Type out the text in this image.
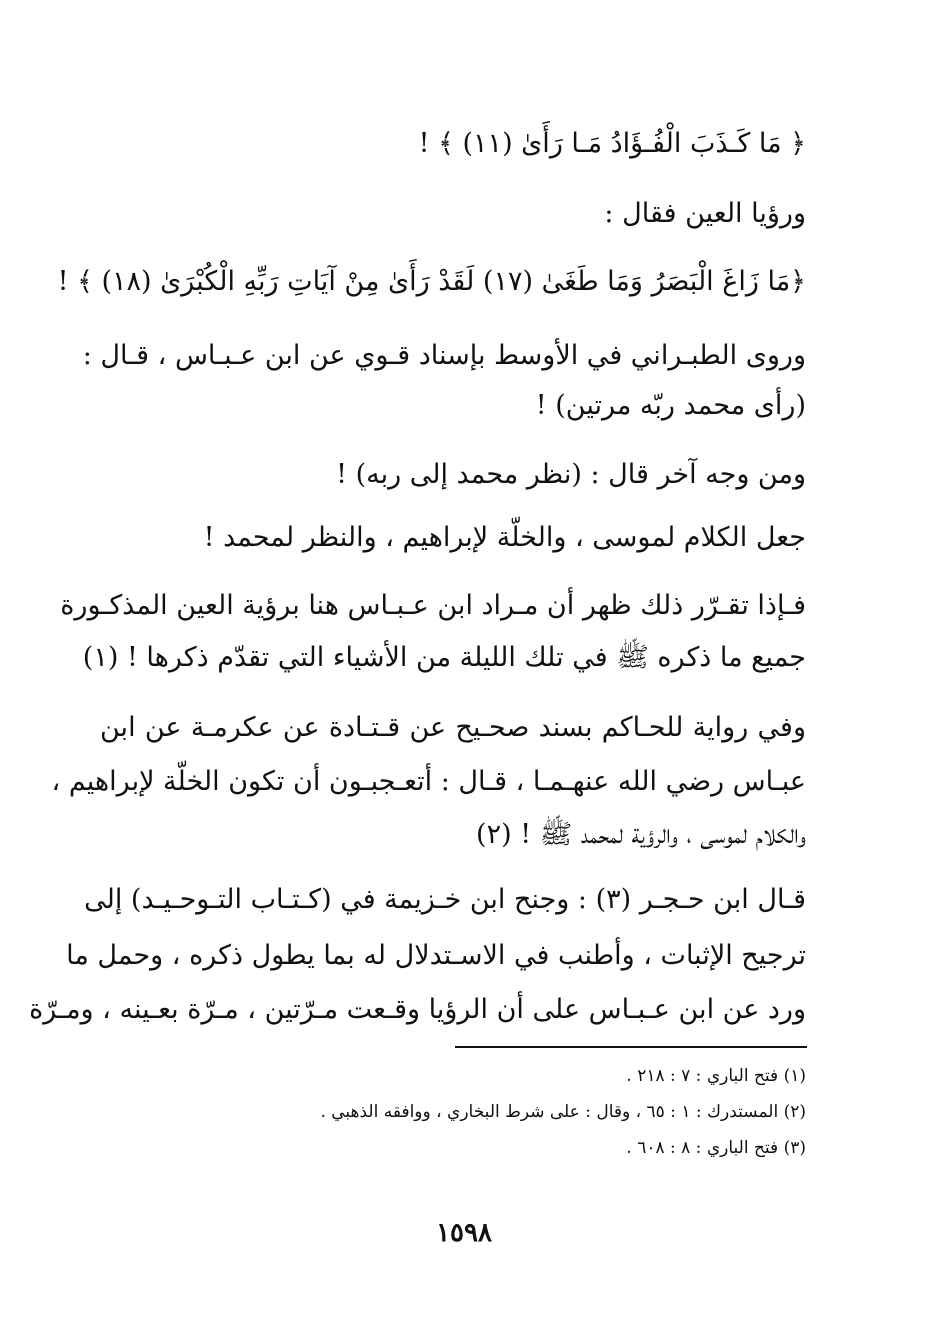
﴿ مَا كَـذَبَ الْفُـؤَادُ مَـا رَأَىٰ (١١) ﴾ !
ورؤيا العين فقال :
﴿مَا زَاغَ الْبَصَرُ وَمَا طَغَىٰ (١٧) لَقَدْ رَأَىٰ مِنْ آيَاتِ رَبِّهِ الْكُبْرَىٰ (١٨) ﴾ !
وروى الطبـراني في الأوسط بإسناد قـوي عن ابن عـبـاس ، قـال :
(رأى محمد ربّه مرتين) !
ومن وجه آخر قال : (نظر محمد إلى ربه) !
جعل الكلام لموسى ، والخلّة لإبراهيم ، والنظر لمحمد !
فـإذا تقـرّر ذلك ظهر أن مـراد ابن عـبـاس هنا برؤية العين المذكـورة
جميع ما ذكره ﷺ في تلك الليلة من الأشياء التي تقدّم ذكرها ! (١)
وفي رواية للحـاكم بسند صحـيح عن قـتـادة عن عكرمـة عن ابن
عبـاس رضي الله عنهـمـا ، قـال : أتعـجبـون أن تكون الخلّة لإبراهيم ،
والكلام لموسى ، والرؤية لمحمد ﷺ ! (٢)
قـال ابن حـجـر (٣) : وجنح ابن خـزيمة في (كـتـاب التـوحـيـد) إلى
ترجيح الإثبات ، وأطنب في الاسـتدلال له بما يطول ذكره ، وحمل ما
ورد عن ابن عـبـاس على أن الرؤيا وقـعت مـرّتين ، مـرّة بعـينه ، ومـرّة
(١) فتح الباري : ٧ : ٢١٨ .
(٢) المستدرك : ١ : ٦٥ ، وقال : على شرط البخاري ، ووافقه الذهبي .
(٣) فتح الباري : ٨ : ٦٠٨ .
١٥٩٨
